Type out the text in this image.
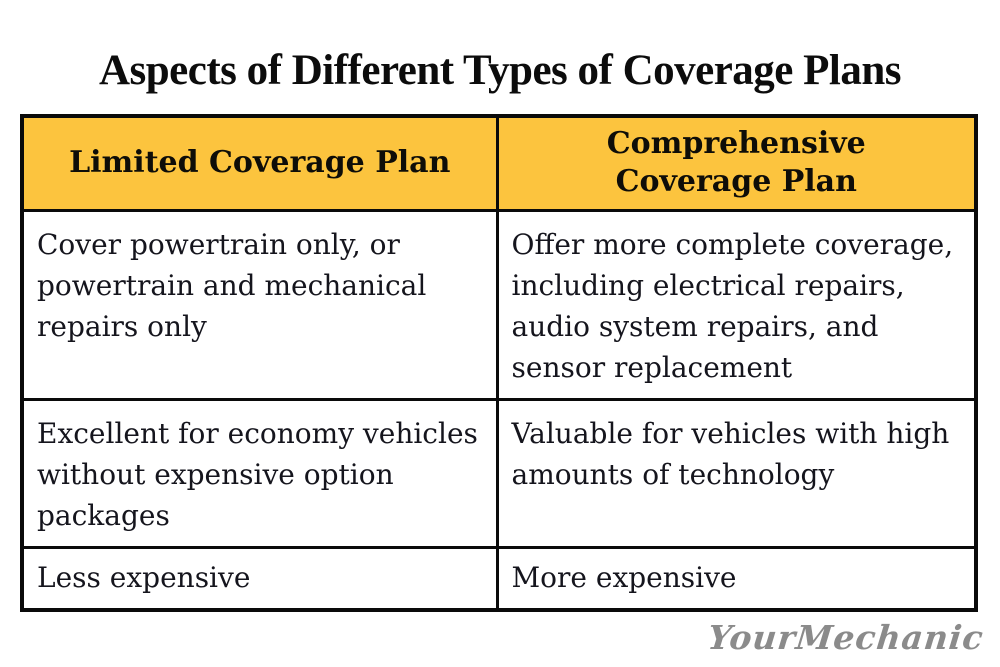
Aspects of Different Types of Coverage Plans
Limited Coverage Plan	Comprehensive Coverage Plan
Cover powertrain only, or powertrain and mechanical repairs only	Offer more complete coverage, including electrical repairs, audio system repairs, and sensor replacement
Excellent for economy vehicles without expensive option packages	Valuable for vehicles with high amounts of technology
Less expensive	More expensive
YourMechanic
